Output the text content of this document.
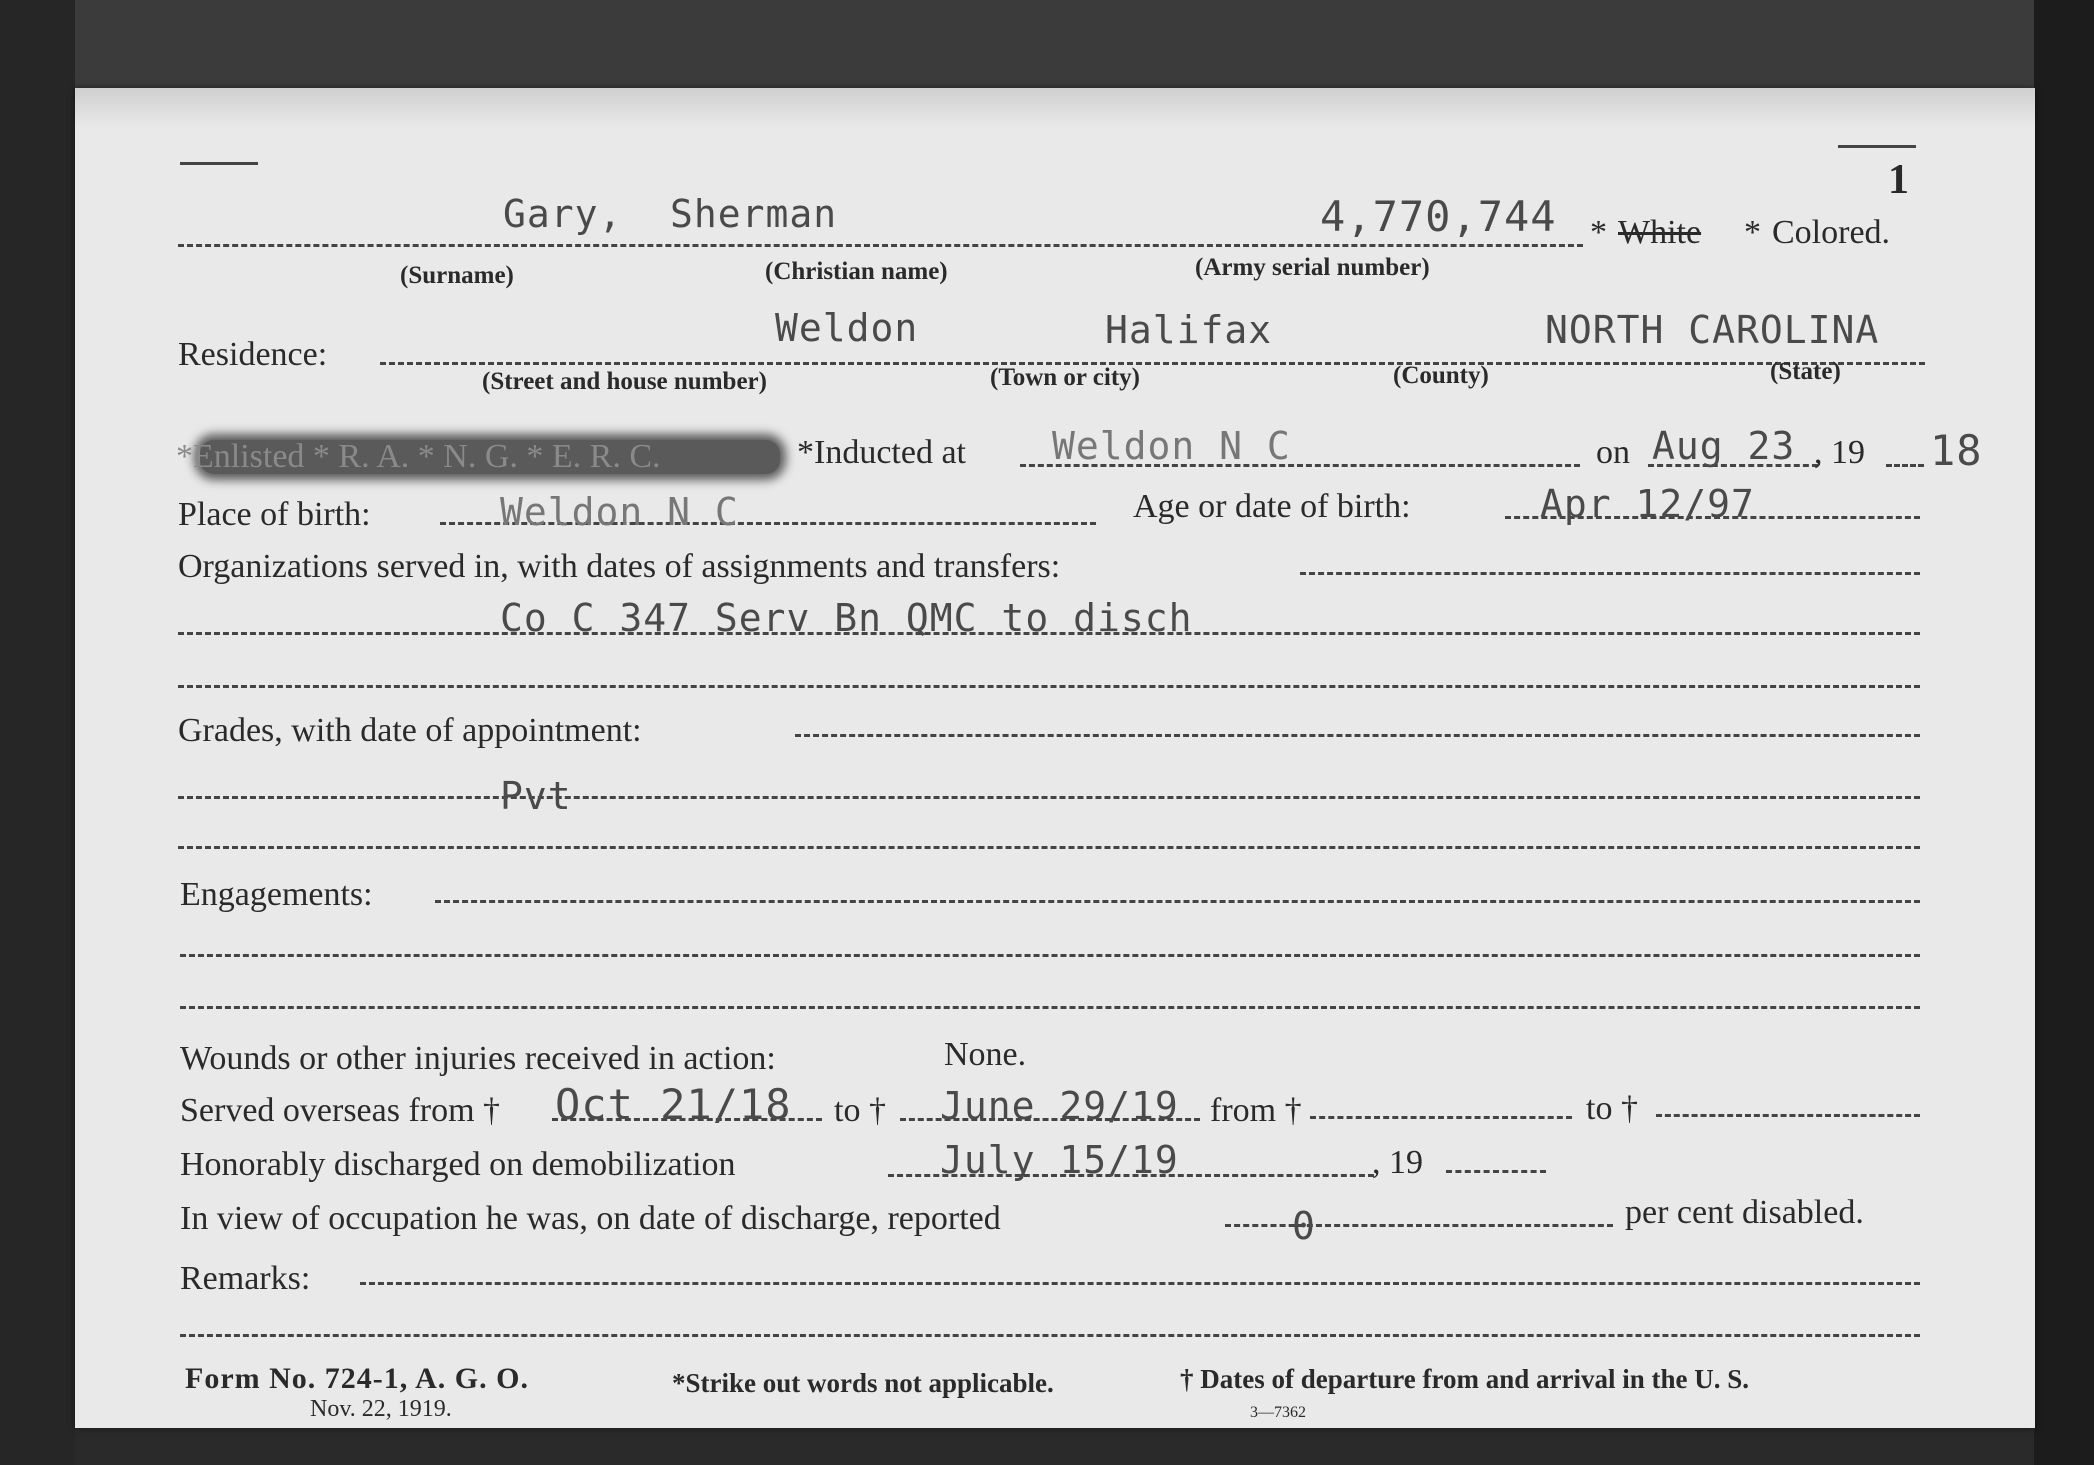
1
Gary, Sherman	4,770,744 * White * Colored.
(Surname)	(Christian name)	(Army serial number)
Residence:
Weldon	Halifax	NORTH CAROLINA
(Street and house number)	(Town or city)	(County)	(State)
*Enlisted * R. A. * N. G. * E. R. C.	*Inducted at Weldon N C	on Aug 23 , 19 18
Place of birth:	Weldon N C	Age or date of birth:	Apr 12/97
Organizations served in, with dates of assignments and transfers:
Co C 347 Serv Bn QMC to disch
Grades, with date of appointment:
Pvt
Engagements:
Wounds or other injuries received in action:	None.
Served overseas from † Oct 21/18 to † June 29/19 from †	to †
Honorably discharged on demobilization	July 15/19	, 19
In view of occupation he was, on date of discharge, reported	0	per cent disabled.
Remarks:
Form No. 724-1, A. G. O.
Nov. 22, 1919.
*Strike out words not applicable.	† Dates of departure from and arrival in the U. S.
3—7362
